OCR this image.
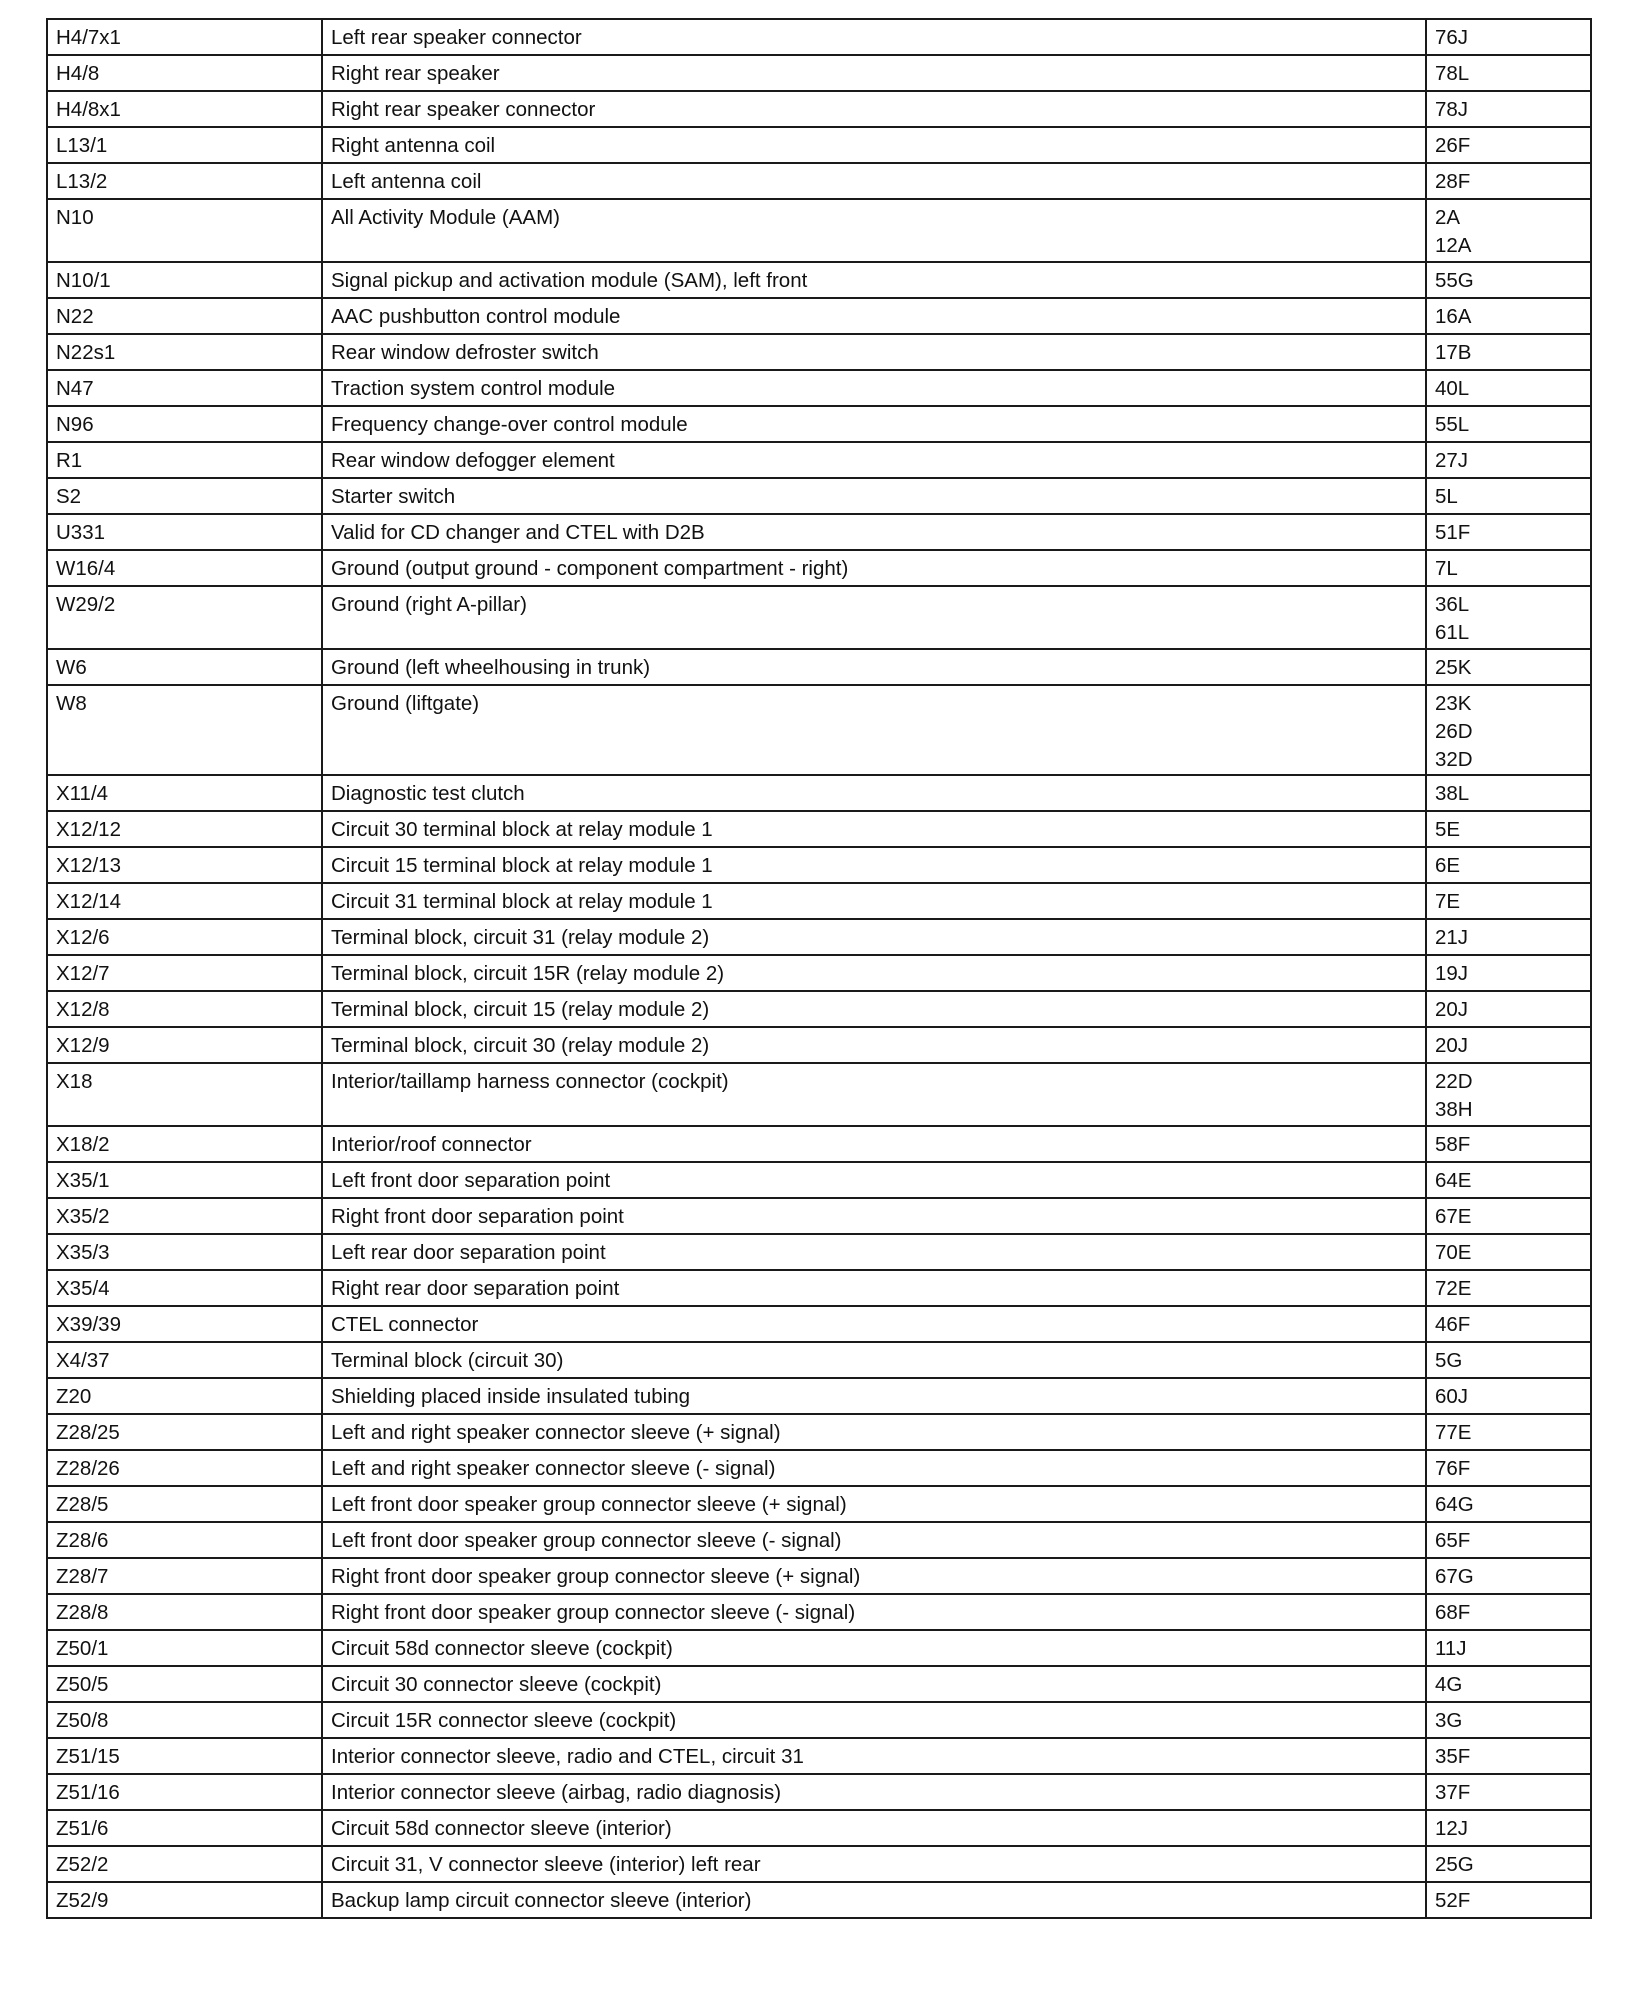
H4/7x1	Left rear speaker connector	76J

H4/8	Right rear speaker	78L

H4/8x1	Right rear speaker connector	78J

L13/1	Right antenna coil	26F

L13/2	Left antenna coil	28F

N10	All Activity Module (AAM)	2A
12A

N10/1	Signal pickup and activation module (SAM), left front	55G

N22	AAC pushbutton control module	16A

N22s1	Rear window defroster switch	17B

N47	Traction system control module	40L

N96	Frequency change-over control module	55L

R1	Rear window defogger element	27J

S2	Starter switch	5L

U331	Valid for CD changer and CTEL with D2B	51F

W16/4	Ground (output ground - component compartment - right)	7L

W29/2	Ground (right A-pillar)	36L
61L

W6	Ground (left wheelhousing in trunk)	25K

W8	Ground (liftgate)	23K
26D
32D

X11/4	Diagnostic test clutch	38L

X12/12	Circuit 30 terminal block at relay module 1	5E

X12/13	Circuit 15 terminal block at relay module 1	6E

X12/14	Circuit 31 terminal block at relay module 1	7E

X12/6	Terminal block, circuit 31 (relay module 2)	21J

X12/7	Terminal block, circuit 15R (relay module 2)	19J

X12/8	Terminal block, circuit 15 (relay module 2)	20J

X12/9	Terminal block, circuit 30 (relay module 2)	20J

X18	Interior/taillamp harness connector (cockpit)	22D
38H

X18/2	Interior/roof connector	58F

X35/1	Left front door separation point	64E

X35/2	Right front door separation point	67E

X35/3	Left rear door separation point	70E

X35/4	Right rear door separation point	72E

X39/39	CTEL connector	46F

X4/37	Terminal block (circuit 30)	5G

Z20	Shielding placed inside insulated tubing	60J

Z28/25	Left and right speaker connector sleeve (+ signal)	77E

Z28/26	Left and right speaker connector sleeve (- signal)	76F

Z28/5	Left front door speaker group connector sleeve (+ signal)	64G

Z28/6	Left front door speaker group connector sleeve (- signal)	65F

Z28/7	Right front door speaker group connector sleeve (+ signal)	67G

Z28/8	Right front door speaker group connector sleeve (- signal)	68F

Z50/1	Circuit 58d connector sleeve (cockpit)	11J

Z50/5	Circuit 30 connector sleeve (cockpit)	4G

Z50/8	Circuit 15R connector sleeve (cockpit)	3G

Z51/15	Interior connector sleeve, radio and CTEL, circuit 31	35F

Z51/16	Interior connector sleeve (airbag, radio diagnosis)	37F

Z51/6	Circuit 58d connector sleeve (interior)	12J

Z52/2	Circuit 31, V connector sleeve (interior) left rear	25G

Z52/9	Backup lamp circuit connector sleeve (interior)	52F
